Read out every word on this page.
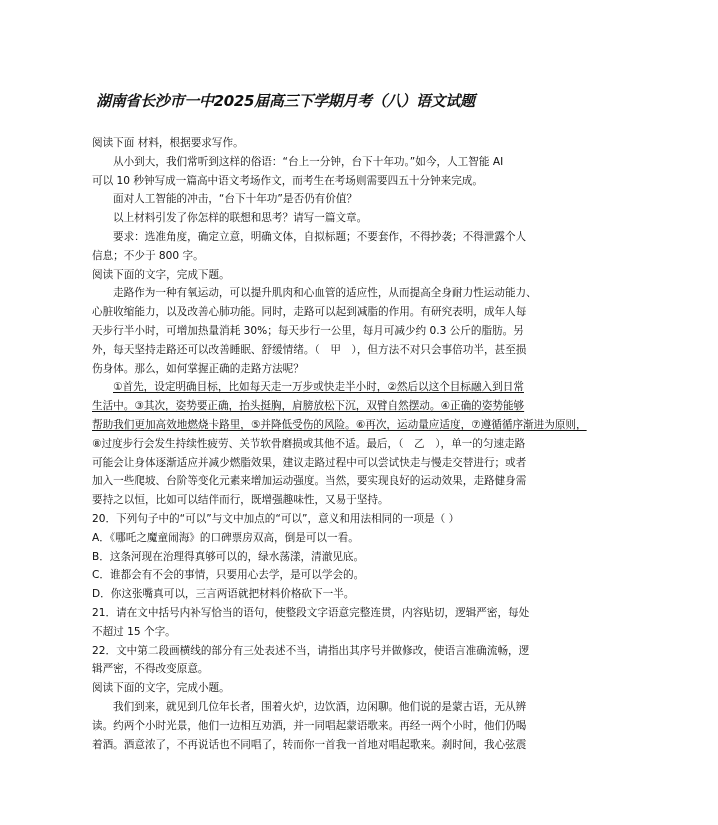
湖南省长沙市一中2025届高三下学期月考（八）语文试题
阅读下面 材料，根据要求写作。
从小到大，我们常听到这样的俗语：“台上一分钟，台下十年功。”如今，人工智能 AI
可以 10 秒钟写成一篇高中语文考场作文，而考生在考场则需要四五十分钟来完成。
面对人工智能的冲击，“台下十年功”是否仍有价值？
以上材料引发了你怎样的联想和思考？请写一篇文章。
要求：选准角度，确定立意，明确文体，自拟标题；不要套作，不得抄袭；不得泄露个人
信息；不少于 800 字。
阅读下面的文字，完成下题。
走路作为一种有氧运动，可以提升肌肉和心血管的适应性，从而提高全身耐力性运动能力、
心脏收缩能力，以及改善心肺功能。同时，走路可以起到减脂的作用。有研究表明，成年人每
天步行半小时，可增加热量消耗 30%；每天步行一公里，每月可减少约 0.3 公斤的脂肪。另
外，每天坚持走路还可以改善睡眠、舒缓情绪。（　甲　），但方法不对只会事倍功半，甚至损
伤身体。那么，如何掌握正确的走路方法呢？
①首先，设定明确目标，比如每天走一万步或快走半小时，②然后以这个目标融入到日常
生活中。③其次，姿势要正确，抬头挺胸，肩膀放松下沉，双臂自然摆动。④正确的姿势能够
帮助我们更加高效地燃烧卡路里，⑤并降低受伤的风险。⑥再次，运动量应适度，⑦遵循循序渐进为原则，
⑧过度步行会发生持续性疲劳、关节软骨磨损或其他不适。最后，（　乙　），单一的匀速走路
可能会让身体逐渐适应并减少燃脂效果，建议走路过程中可以尝试快走与慢走交替进行；或者
加入一些爬坡、台阶等变化元素来增加运动强度。当然，要实现良好的运动效果，走路健身需
要持之以恒，比如可以结伴而行，既增强趣味性，又易于坚持。
20．下列句子中的“可以”与文中加点的“可以”，意义和用法相同的一项是（ ）
A．《哪吒之魔童闹海》的口碑票房双高，倒是可以一看。
B．这条河现在治理得真够可以的，绿水荡漾，清澈见底。
C．谁都会有不会的事情，只要用心去学，是可以学会的。
D．你这张嘴真可以，三言两语就把材料价格砍下一半。
21．请在文中括号内补写恰当的语句，使整段文字语意完整连贯，内容贴切，逻辑严密，每处
不超过 15 个字。
22．文中第二段画横线的部分有三处表述不当，请指出其序号并做修改，使语言准确流畅，逻
辑严密，不得改变原意。
阅读下面的文字，完成小题。
我们到来，就见到几位年长者，围着火炉，边饮酒，边闲聊。他们说的是蒙古语，无从辨
读。约两个小时光景，他们一边相互劝酒，并一同唱起蒙语歌来。再经一两个小时，他们仍喝
着酒。酒意浓了，不再说话也不同唱了，转而你一首我一首地对唱起歌来。刹时间，我心弦震
